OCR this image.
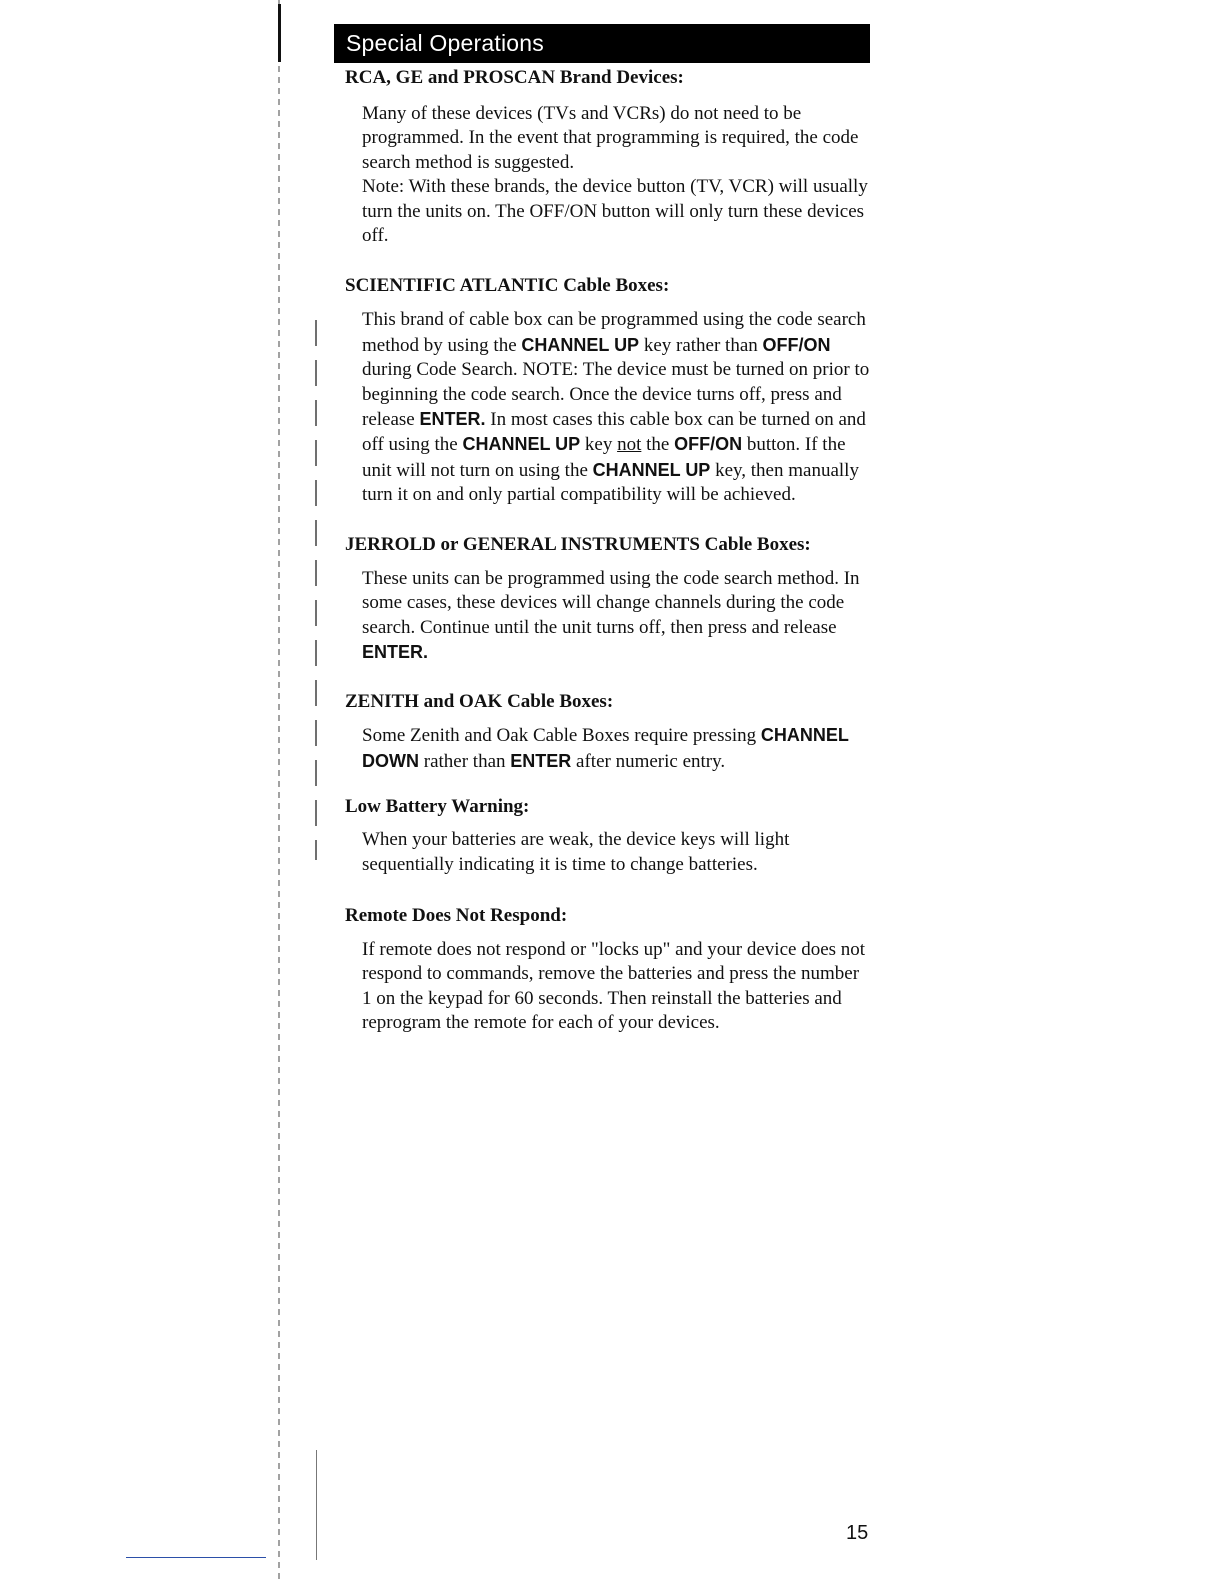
Special Operations
RCA, GE and PROSCAN Brand Devices:

Many of these devices (TVs and VCRs) do not need to be programmed. In the event that programming is required, the code search method is suggested.

Note: With these brands, the device button (TV, VCR) will usually turn the units on. The OFF/ON button will only turn these devices off.

SCIENTIFIC ATLANTIC Cable Boxes:

This brand of cable box can be programmed using the code search method by using the CHANNEL UP key rather than OFF/ON during Code Search. NOTE: The device must be turned on prior to beginning the code search. Once the device turns off, press and release ENTER. In most cases this cable box can be turned on and off using the CHANNEL UP key not the OFF/ON button. If the unit will not turn on using the CHANNEL UP key, then manually turn it on and only partial compatibility will be achieved.

JERROLD or GENERAL INSTRUMENTS Cable Boxes:

These units can be programmed using the code search method. In some cases, these devices will change channels during the code search. Continue until the unit turns off, then press and release ENTER.

ZENITH and OAK Cable Boxes:

Some Zenith and Oak Cable Boxes require pressing CHANNEL DOWN rather than ENTER after numeric entry.

Low Battery Warning:

When your batteries are weak, the device keys will light sequentially indicating it is time to change batteries.

Remote Does Not Respond:

If remote does not respond or "locks up" and your device does not respond to commands, remove the batteries and press the number 1 on the keypad for 60 seconds. Then reinstall the batteries and reprogram the remote for each of your devices.

15
